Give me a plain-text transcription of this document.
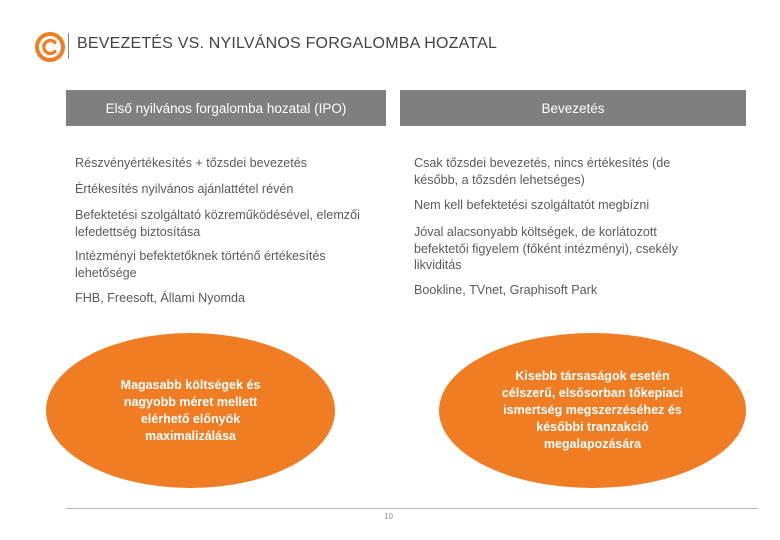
BEVEZETÉS VS. NYILVÁNOS FORGALOMBA HOZATAL
Első nyilvános forgalomba hozatal (IPO)	Bevezetés

Részvényértékesítés + tőzsdei bevezetés

Értékesítés nyilvános ajánlattétel révén

Befektetési szolgáltató közreműködésével, elemzői lefedettség biztosítása

Intézményi befektetőknek történő értékesítés lehetősége

FHB, Freesoft, Állami Nyomda

Csak tőzsdei bevezetés, nincs értékesítés (de később, a tőzsdén lehetséges)

Nem kell befektetési szolgáltatót megbízni

Jóval alacsonyabb költségek, de korlátozott befektetői figyelem (főként intézményi), csekély likviditás

Bookline, TVnet, Graphisoft Park

Magasabb költségek és nagyobb méret mellett elérhető előnyök maximalizálása
Kisebb társaságok esetén célszerű, elsősorban tőkepiaci ismertség megszerzéséhez és későbbi tranzakció megalapozására
10
